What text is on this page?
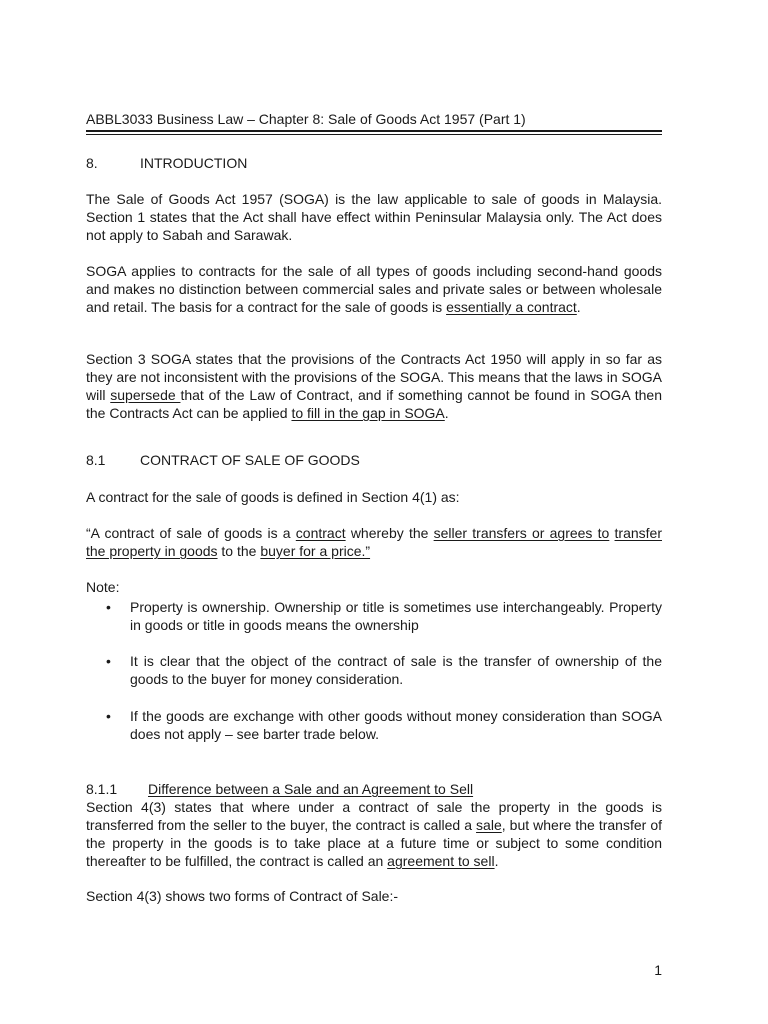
ABBL3033 Business Law – Chapter 8: Sale of Goods Act 1957 (Part 1)
8.	INTRODUCTION
The Sale of Goods Act 1957 (SOGA) is the law applicable to sale of goods in Malaysia. Section 1 states that the Act shall have effect within Peninsular Malaysia only. The Act does not apply to Sabah and Sarawak.
SOGA applies to contracts for the sale of all types of goods including second-hand goods and makes no distinction between commercial sales and private sales or between wholesale and retail. The basis for a contract for the sale of goods is essentially a contract.
Section 3 SOGA states that the provisions of the Contracts Act 1950 will apply in so far as they are not inconsistent with the provisions of the SOGA. This means that the laws in SOGA will supersede that of the Law of Contract, and if something cannot be found in SOGA then the Contracts Act can be applied to fill in the gap in SOGA.
8.1 CONTRACT OF SALE OF GOODS
A contract for the sale of goods is defined in Section 4(1) as:
“A contract of sale of goods is a contract whereby the seller transfers or agrees to transfer the property in goods to the buyer for a price.”
Note:
• Property is ownership. Ownership or title is sometimes use interchangeably. Property in goods or title in goods means the ownership
• It is clear that the object of the contract of sale is the transfer of ownership of the goods to the buyer for money consideration.
• If the goods are exchange with other goods without money consideration than SOGA does not apply – see barter trade below.
8.1.1 Difference between a Sale and an Agreement to Sell
Section 4(3) states that where under a contract of sale the property in the goods is transferred from the seller to the buyer, the contract is called a sale, but where the transfer of the property in the goods is to take place at a future time or subject to some condition thereafter to be fulfilled, the contract is called an agreement to sell.
Section 4(3) shows two forms of Contract of Sale:-
1
